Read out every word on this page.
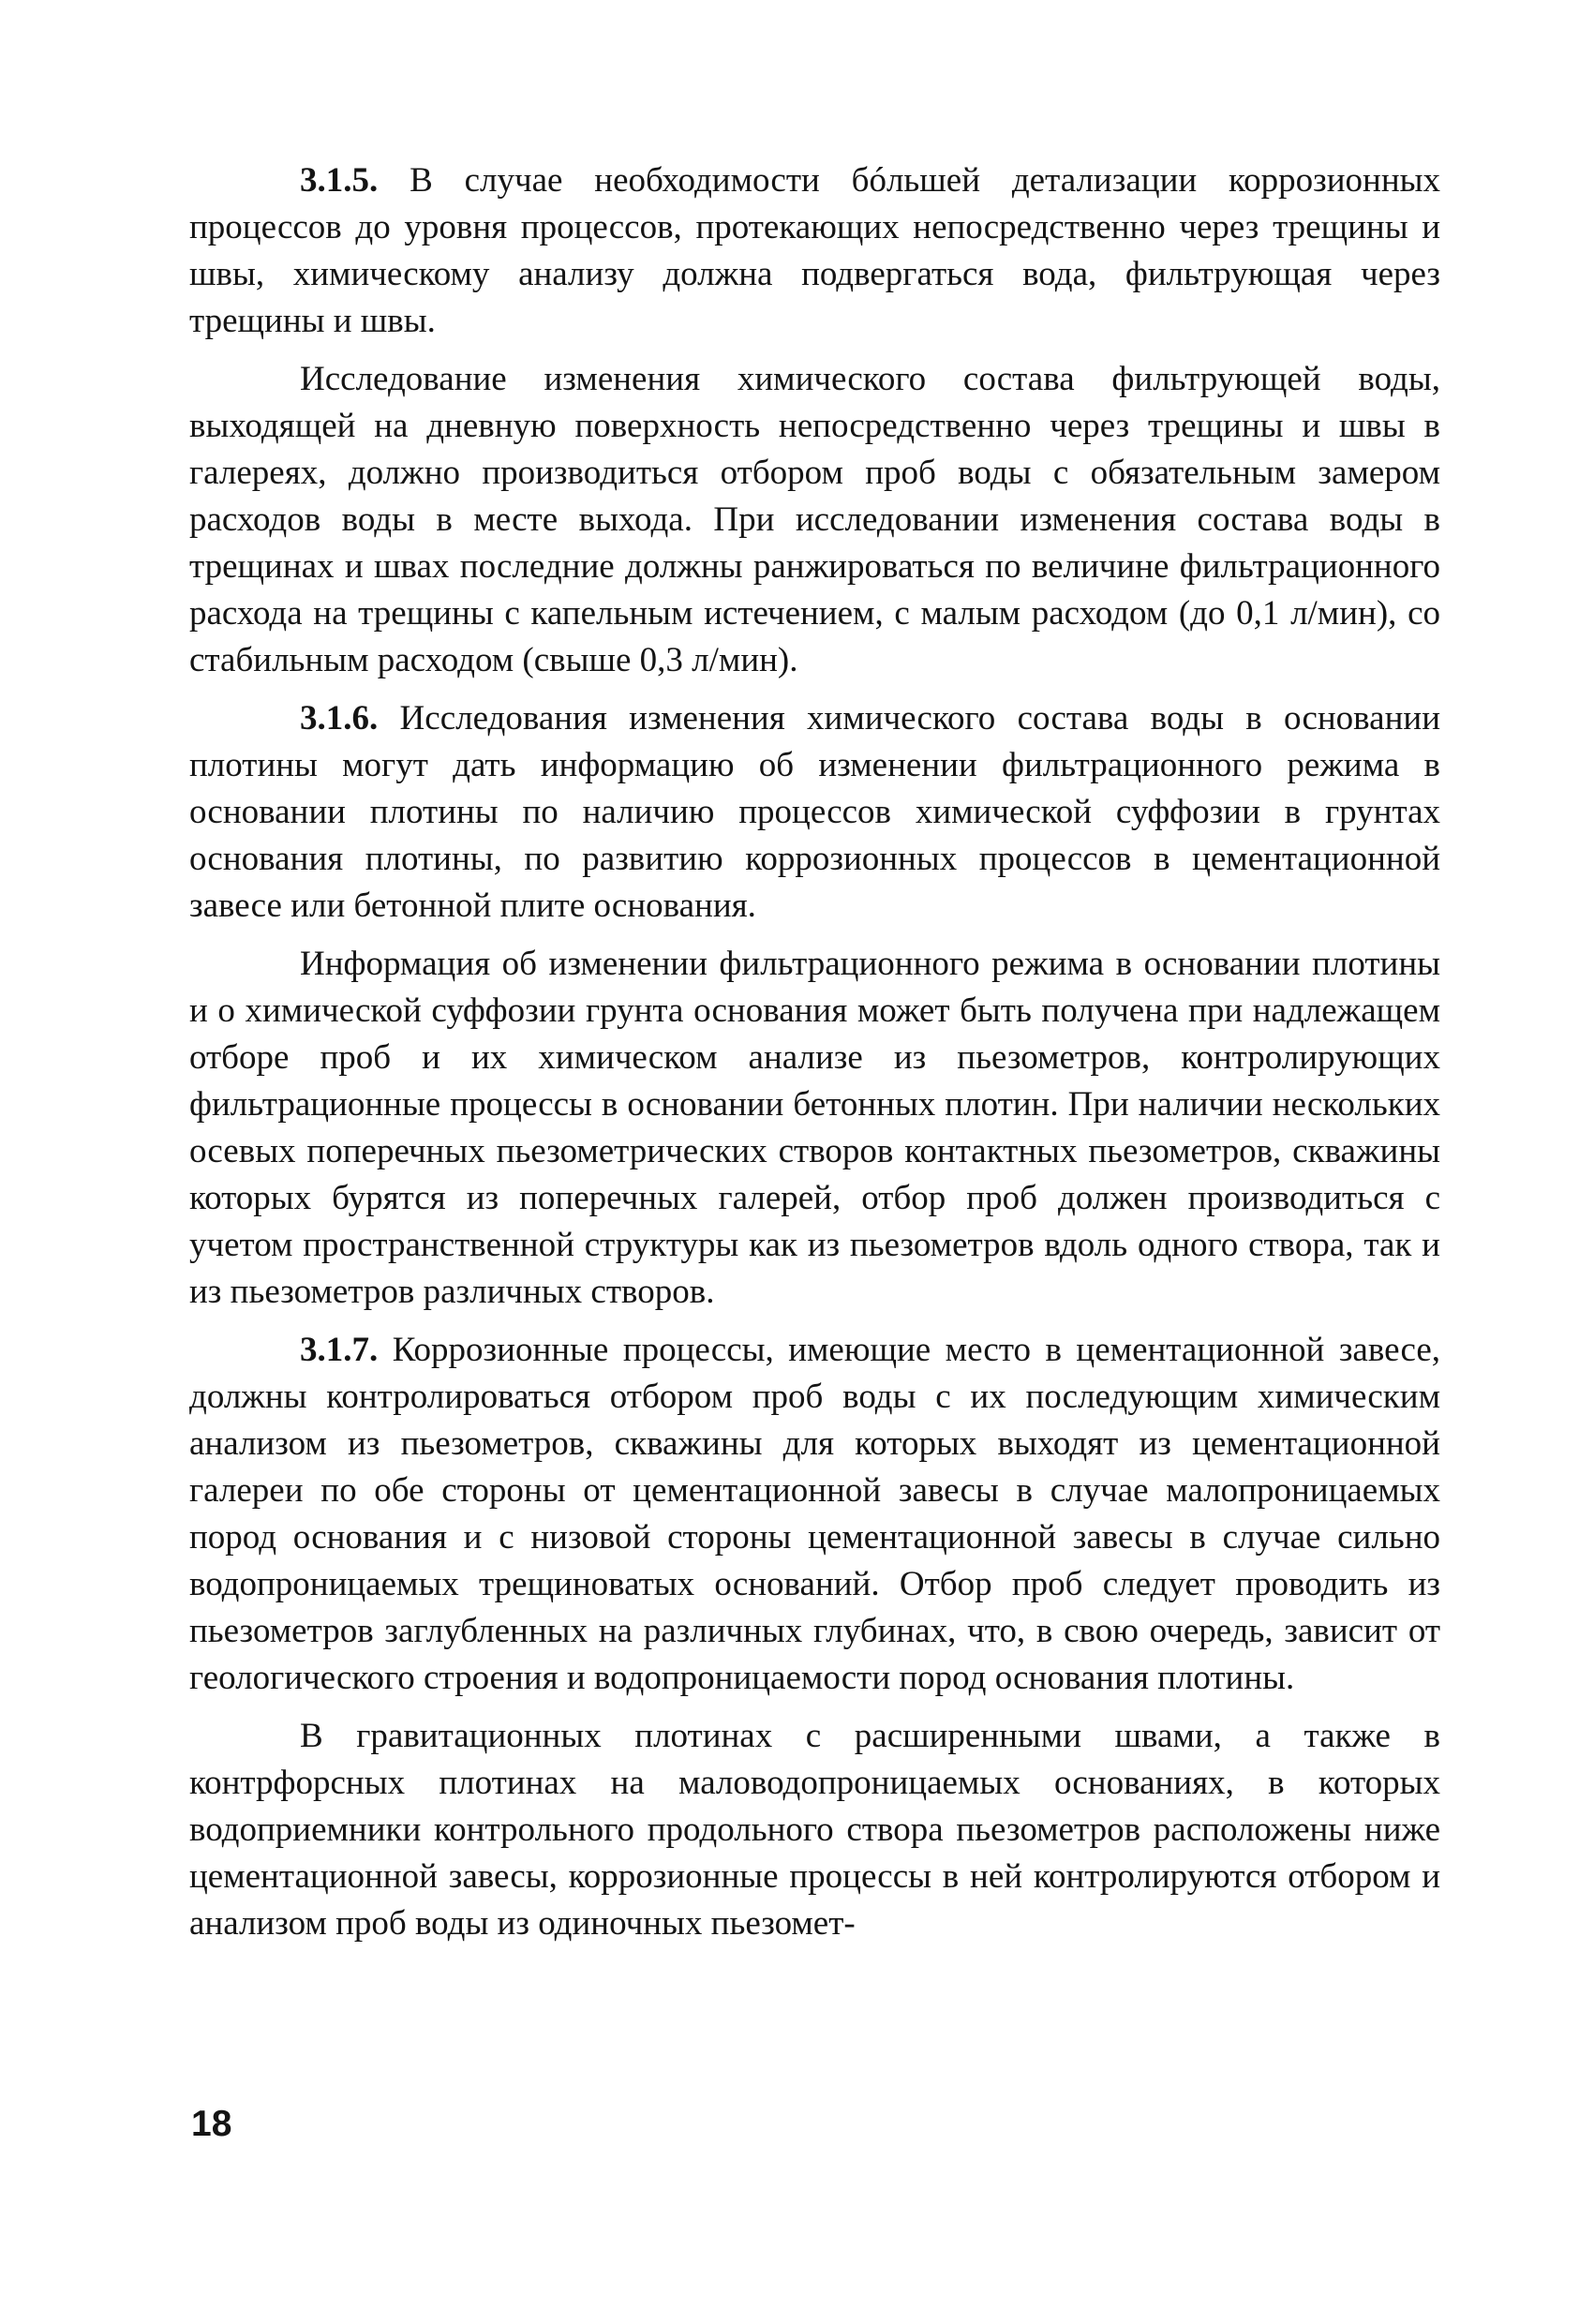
3.1.5. В случае необходимости бóльшей детализации коррозионных процессов до уровня процессов, протекающих непосредственно через трещины и швы, химическому анализу должна подвергаться вода, фильтрующая через трещины и швы.

Исследование изменения химического состава фильтрующей воды, выходящей на дневную поверхность непосредственно через трещины и швы в галереях, должно производиться отбором проб воды с обязательным замером расходов воды в месте выхода. При исследовании изменения состава воды в трещинах и швах последние должны ранжироваться по величине фильтрационного расхода на трещины с капельным истечением, с малым расходом (до 0,1 л/мин), со стабильным расходом (свыше 0,3 л/мин).

3.1.6. Исследования изменения химического состава воды в основании плотины могут дать информацию об изменении фильтрационного режима в основании плотины по наличию процессов химической суффозии в грунтах основания плотины, по развитию коррозионных процессов в цементационной завесе или бетонной плите основания.

Информация об изменении фильтрационного режима в основании плотины и о химической суффозии грунта основания может быть получена при надлежащем отборе проб и их химическом анализе из пьезометров, контролирующих фильтрационные процессы в основании бетонных плотин. При наличии нескольких осевых поперечных пьезометрических створов контактных пьезометров, скважины которых бурятся из поперечных галерей, отбор проб должен производиться с учетом пространственной структуры как из пьезометров вдоль одного створа, так и из пьезометров различных створов.

3.1.7. Коррозионные процессы, имеющие место в цементационной завесе, должны контролироваться отбором проб воды с их последующим химическим анализом из пьезометров, скважины для которых выходят из цементационной галереи по обе стороны от цементационной завесы в случае малопроницаемых пород основания и с низовой стороны цементационной завесы в случае сильно водопроницаемых трещиноватых оснований. Отбор проб следует проводить из пьезометров заглубленных на различных глубинах, что, в свою очередь, зависит от геологического строения и водопроницаемости пород основания плотины.

В гравитационных плотинах с расширенными швами, а также в контрфорсных плотинах на маловодопроницаемых основаниях, в которых водоприемники контрольного продольного створа пьезометров расположены ниже цементационной завесы, коррозионные процессы в ней контролируются отбором и анализом проб воды из одиночных пьезомет-

18
